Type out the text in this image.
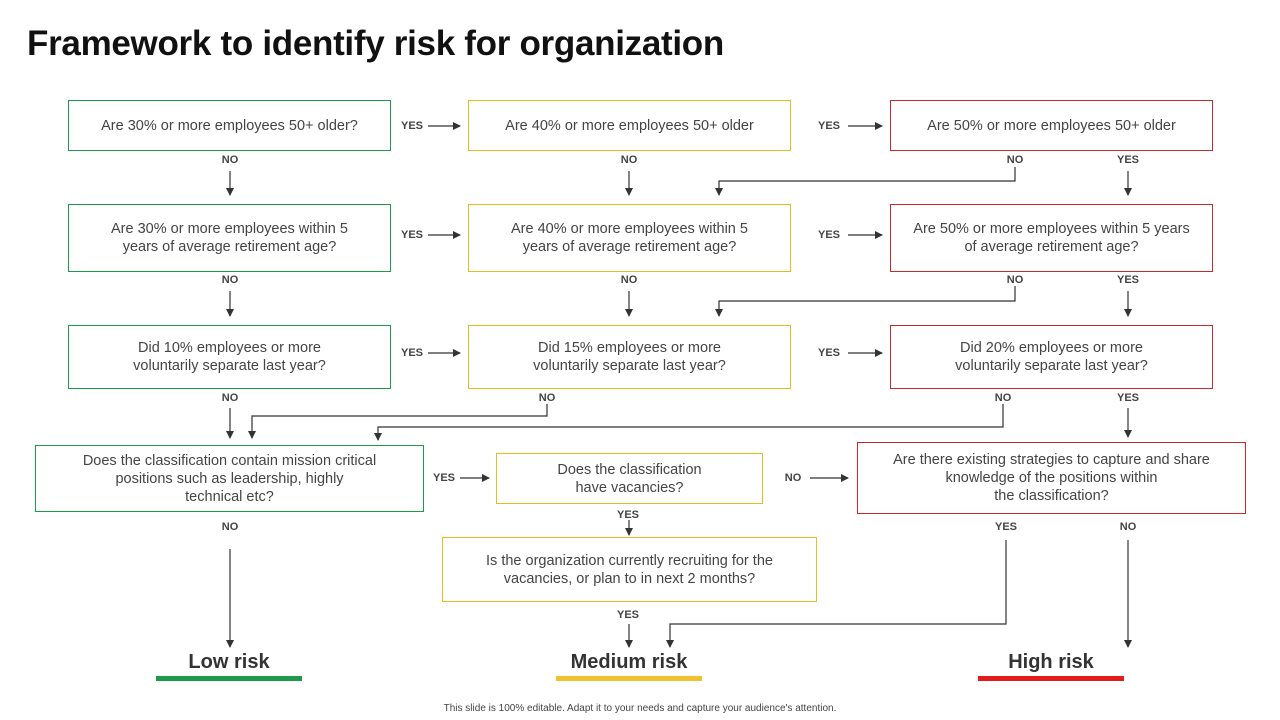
Framework to identify risk for organization
Are 30% or more employees 50+ older?	Are 40% or more employees 50+ older	Are 50% or more employees 50+ older
Are 30% or more employees within 5
years of average retirement age?
Are 40% or more employees within 5
years of average retirement age?
Are 50% or more employees within 5 years
of average retirement age?
Did 10% employees or more
voluntarily separate last year?
Did 15% employees or more
voluntarily separate last year?
Did 20% employees or more
voluntarily separate last year?
Does the classification contain mission critical
positions such as leadership, highly
technical etc?
Does the classification
have vacancies?
Are there existing strategies to capture and share
knowledge of the positions within
the classification?
Is the organization currently recruiting for the
vacancies, or plan to in next 2 months?
YES	YES
YES	YES
YES	YES
YES	NO
NO	NO	NO	YES
NO	NO	NO	YES
NO	NO	NO	YES
NO
YES
YES	NO
YES
Low risk	Medium risk	High risk
This slide is 100% editable. Adapt it to your needs and capture your audience's attention.
